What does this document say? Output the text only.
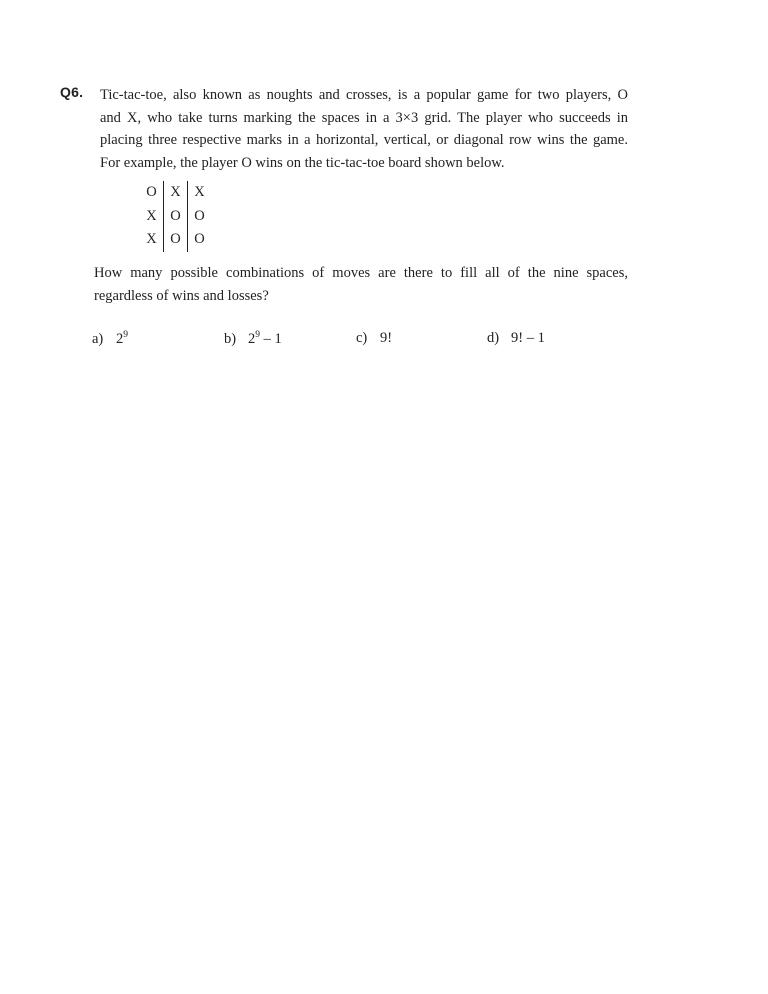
Q6. Tic-tac-toe, also known as noughts and crosses, is a popular game for two players, O

and X, who take turns marking the spaces in a 3×3 grid. The player who succeeds in

placing three respective marks in a horizontal, vertical, or diagonal row wins the game.

For example, the player O wins on the tic-tac-toe board shown below.

O	X	X
X	O	O
X	O	O

How many possible combinations of moves are there to fill all of the nine spaces,

regardless of wins and losses?

a) $2^9$	b) $2^9 - 1$	c) 9!	d) 9! – 1
